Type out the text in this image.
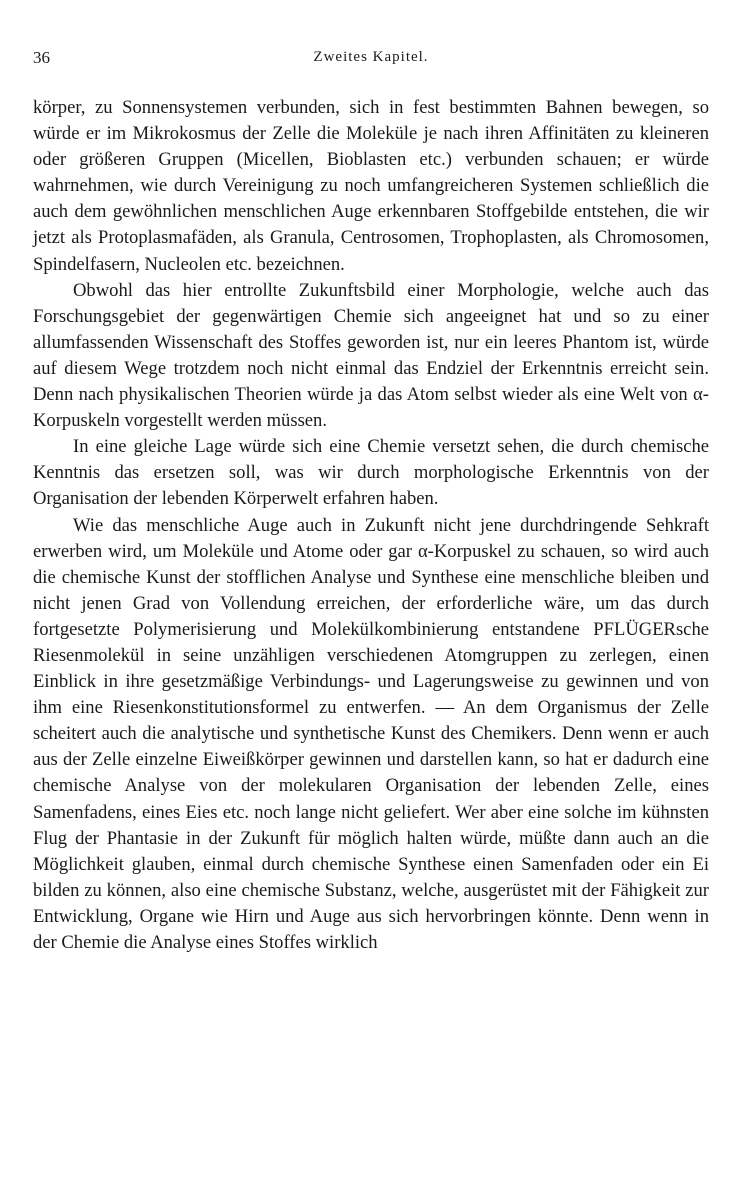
36	Zweites Kapitel.

körper, zu Sonnensystemen verbunden, sich in fest bestimmten Bahnen bewegen, so würde er im Mikrokosmus der Zelle die Moleküle je nach ihren Affinitäten zu kleineren oder größeren Gruppen (Micellen, Bioblasten etc.) verbunden schauen; er würde wahrnehmen, wie durch Vereinigung zu noch umfangreicheren Systemen schließlich die auch dem gewöhnlichen menschlichen Auge erkennbaren Stoffgebilde entstehen, die wir jetzt als Protoplasmafäden, als Granula, Centrosomen, Trophoplasten, als Chromosomen, Spindelfasern, Nucleolen etc. bezeichnen.

Obwohl das hier entrollte Zukunftsbild einer Morphologie, welche auch das Forschungsgebiet der gegenwärtigen Chemie sich angeeignet hat und so zu einer allumfassenden Wissenschaft des Stoffes geworden ist, nur ein leeres Phantom ist, würde auf diesem Wege trotzdem noch nicht einmal das Endziel der Erkenntnis erreicht sein. Denn nach physikalischen Theorien würde ja das Atom selbst wieder als eine Welt von α-Korpuskeln vorgestellt werden müssen.

In eine gleiche Lage würde sich eine Chemie versetzt sehen, die durch chemische Kenntnis das ersetzen soll, was wir durch morphologische Erkenntnis von der Organisation der lebenden Körperwelt erfahren haben.

Wie das menschliche Auge auch in Zukunft nicht jene durchdringende Sehkraft erwerben wird, um Moleküle und Atome oder gar α-Korpuskel zu schauen, so wird auch die chemische Kunst der stofflichen Analyse und Synthese eine menschliche bleiben und nicht jenen Grad von Vollendung erreichen, der erforderliche wäre, um das durch fortgesetzte Polymerisierung und Molekülkombinierung entstandene PFLÜGERsche Riesenmolekül in seine unzähligen verschiedenen Atomgruppen zu zerlegen, einen Einblick in ihre gesetzmäßige Verbindungs- und Lagerungsweise zu gewinnen und von ihm eine Riesenkonstitutionsformel zu entwerfen. — An dem Organismus der Zelle scheitert auch die analytische und synthetische Kunst des Chemikers. Denn wenn er auch aus der Zelle einzelne Eiweißkörper gewinnen und darstellen kann, so hat er dadurch eine chemische Analyse von der molekularen Organisation der lebenden Zelle, eines Samenfadens, eines Eies etc. noch lange nicht geliefert. Wer aber eine solche im kühnsten Flug der Phantasie in der Zukunft für möglich halten würde, müßte dann auch an die Möglichkeit glauben, einmal durch chemische Synthese einen Samenfaden oder ein Ei bilden zu können, also eine chemische Substanz, welche, ausgerüstet mit der Fähigkeit zur Entwicklung, Organe wie Hirn und Auge aus sich hervorbringen könnte. Denn wenn in der Chemie die Analyse eines Stoffes wirklich
